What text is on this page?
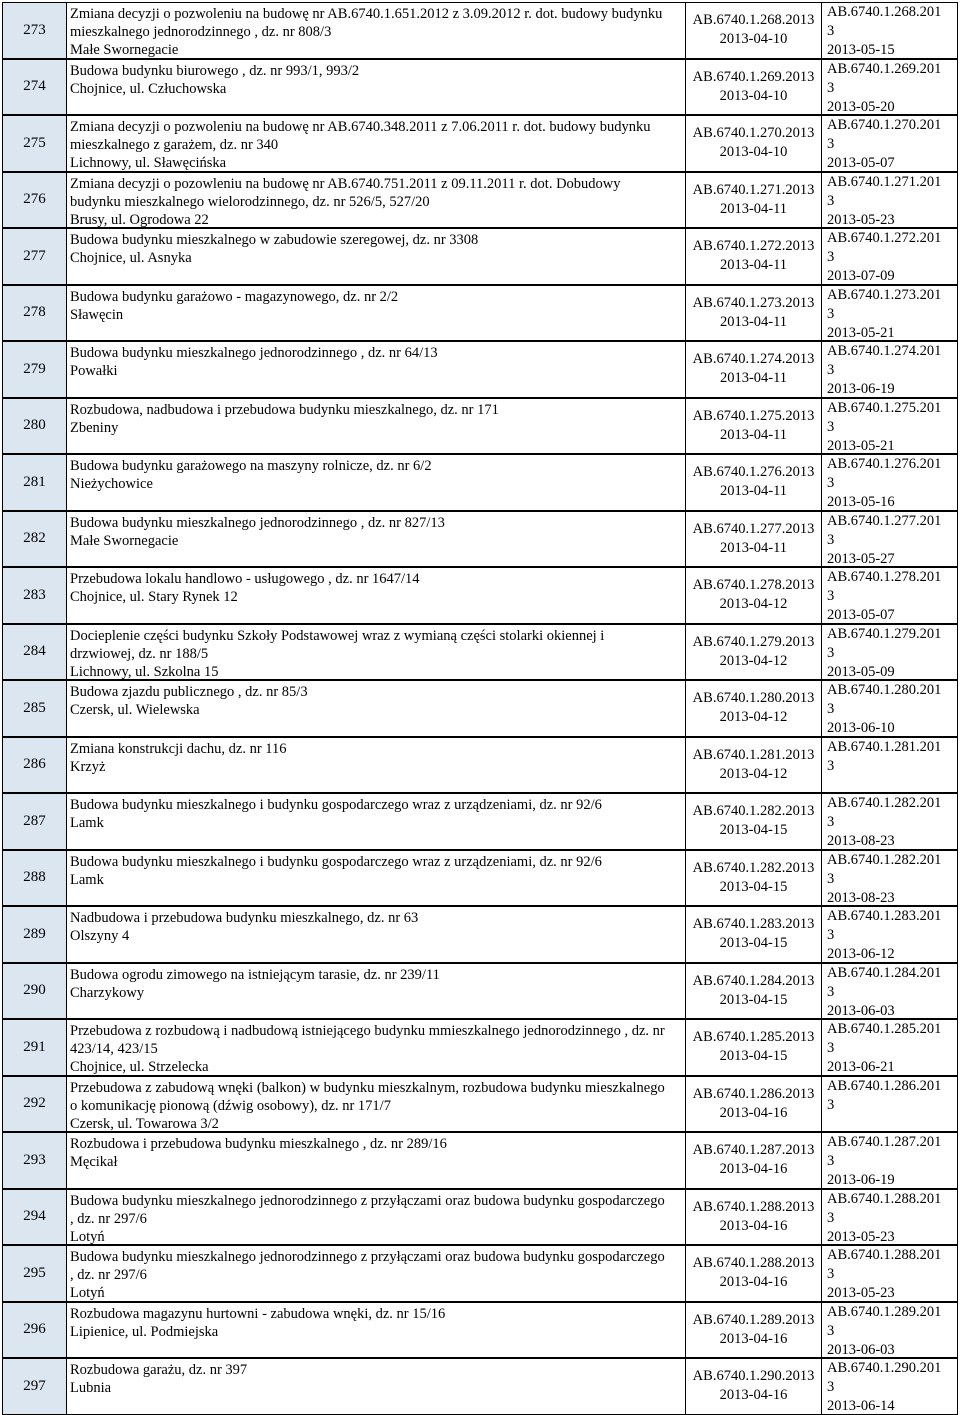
273
Zmiana decyzji o pozwoleniu na budowę nr AB.6740.1.651.2012 z 3.09.2012 r. dot. budowy budynku
mieszkalnego jednorodzinnego , dz. nr 808/3
Małe Swornegacie
AB.6740.1.268.2013
2013-04-10
AB.6740.1.268.201
3
2013-05-15
274
Budowa budynku biurowego , dz. nr 993/1, 993/2
Chojnice, ul. Człuchowska
AB.6740.1.269.2013
2013-04-10
AB.6740.1.269.201
3
2013-05-20
275
Zmiana decyzji o pozwoleniu na budowę nr AB.6740.348.2011 z 7.06.2011 r. dot. budowy budynku
mieszkalnego z garażem, dz. nr 340
Lichnowy, ul. Sławęcińska
AB.6740.1.270.2013
2013-04-10
AB.6740.1.270.201
3
2013-05-07
276
Zmiana decyzji o pozowleniu na budowę nr AB.6740.751.2011 z 09.11.2011 r. dot. Dobudowy
budynku mieszkalnego wielorodzinnego, dz. nr 526/5, 527/20
Brusy, ul. Ogrodowa 22
AB.6740.1.271.2013
2013-04-11
AB.6740.1.271.201
3
2013-05-23
277
Budowa budynku mieszkalnego w zabudowie szeregowej, dz. nr 3308
Chojnice, ul. Asnyka
AB.6740.1.272.2013
2013-04-11
AB.6740.1.272.201
3
2013-07-09
278
Budowa budynku garażowo - magazynowego, dz. nr 2/2
Sławęcin
AB.6740.1.273.2013
2013-04-11
AB.6740.1.273.201
3
2013-05-21
279
Budowa budynku mieszkalnego jednorodzinnego , dz. nr 64/13
Powałki
AB.6740.1.274.2013
2013-04-11
AB.6740.1.274.201
3
2013-06-19
280
Rozbudowa, nadbudowa i przebudowa budynku mieszkalnego, dz. nr 171
Zbeniny
AB.6740.1.275.2013
2013-04-11
AB.6740.1.275.201
3
2013-05-21
281
Budowa budynku garażowego na maszyny rolnicze, dz. nr 6/2
Nieżychowice
AB.6740.1.276.2013
2013-04-11
AB.6740.1.276.201
3
2013-05-16
282
Budowa budynku mieszkalnego jednorodzinnego , dz. nr 827/13
Małe Swornegacie
AB.6740.1.277.2013
2013-04-11
AB.6740.1.277.201
3
2013-05-27
283
Przebudowa lokalu handlowo - usługowego , dz. nr 1647/14
Chojnice, ul. Stary Rynek 12
AB.6740.1.278.2013
2013-04-12
AB.6740.1.278.201
3
2013-05-07
284
Docieplenie części budynku Szkoły Podstawowej wraz z wymianą części stolarki okiennej i
drzwiowej, dz. nr 188/5
Lichnowy, ul. Szkolna 15
AB.6740.1.279.2013
2013-04-12
AB.6740.1.279.201
3
2013-05-09
285
Budowa zjazdu publicznego , dz. nr 85/3
Czersk, ul. Wielewska
AB.6740.1.280.2013
2013-04-12
AB.6740.1.280.201
3
2013-06-10
286
Zmiana konstrukcji dachu, dz. nr 116
Krzyż
AB.6740.1.281.2013
2013-04-12
AB.6740.1.281.201
3
287
Budowa budynku mieszkalnego i budynku gospodarczego wraz z urządzeniami, dz. nr 92/6
Lamk
AB.6740.1.282.2013
2013-04-15
AB.6740.1.282.201
3
2013-08-23
288
Budowa budynku mieszkalnego i budynku gospodarczego wraz z urządzeniami, dz. nr 92/6
Lamk
AB.6740.1.282.2013
2013-04-15
AB.6740.1.282.201
3
2013-08-23
289
Nadbudowa i przebudowa budynku mieszkalnego, dz. nr 63
Olszyny 4
AB.6740.1.283.2013
2013-04-15
AB.6740.1.283.201
3
2013-06-12
290
Budowa ogrodu zimowego na istniejącym tarasie, dz. nr 239/11
Charzykowy
AB.6740.1.284.2013
2013-04-15
AB.6740.1.284.201
3
2013-06-03
291
Przebudowa z rozbudową i nadbudową istniejącego budynku mmieszkalnego jednorodzinnego , dz. nr
423/14, 423/15
Chojnice, ul. Strzelecka
AB.6740.1.285.2013
2013-04-15
AB.6740.1.285.201
3
2013-06-21
292
Przebudowa z zabudową wnęki (balkon) w budynku mieszkalnym, rozbudowa budynku mieszkalnego
o komunikację pionową (dźwig osobowy), dz. nr 171/7
Czersk, ul. Towarowa 3/2
AB.6740.1.286.2013
2013-04-16
AB.6740.1.286.201
3
293
Rozbudowa i przebudowa budynku mieszkalnego , dz. nr 289/16
Męcikał
AB.6740.1.287.2013
2013-04-16
AB.6740.1.287.201
3
2013-06-19
294
Budowa budynku mieszkalnego jednorodzinnego z przyłączami oraz budowa budynku gospodarczego
, dz. nr 297/6
Lotyń
AB.6740.1.288.2013
2013-04-16
AB.6740.1.288.201
3
2013-05-23
295
Budowa budynku mieszkalnego jednorodzinnego z przyłączami oraz budowa budynku gospodarczego
, dz. nr 297/6
Lotyń
AB.6740.1.288.2013
2013-04-16
AB.6740.1.288.201
3
2013-05-23
296
Rozbudowa magazynu hurtowni - zabudowa wnęki, dz. nr 15/16
Lipienice, ul. Podmiejska
AB.6740.1.289.2013
2013-04-16
AB.6740.1.289.201
3
2013-06-03
297
Rozbudowa garażu, dz. nr 397
Lubnia
AB.6740.1.290.2013
2013-04-16
AB.6740.1.290.201
3
2013-06-14
